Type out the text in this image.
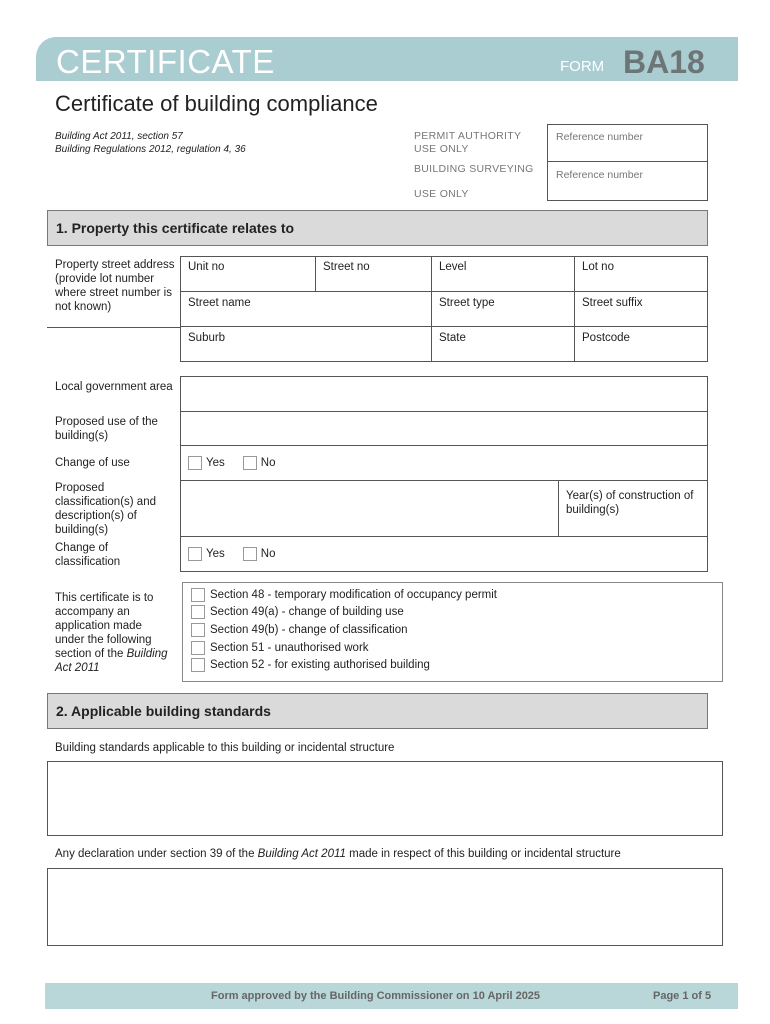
CERTIFICATE	FORM BA18
Certificate of building compliance
Building Act 2011, section 57
Building Regulations 2012, regulation 4, 36
PERMIT AUTHORITY
USE ONLY
BUILDING SURVEYING
USE ONLY
Reference number
Reference number
1. Property this certificate relates to
Property street address (provide lot number where street number is not known)
Unit no	Street no	Level	Lot no
Street name	Street type	Street suffix
Suburb	State	Postcode
Local government area
Proposed use of the building(s)
Change of use	Yes	No
Proposed classification(s) and description(s) of building(s)
Year(s) of construction of building(s)
Change of classification
Yes	No
This certificate is to accompany an application made under the following section of the Building Act 2011
Section 48 - temporary modification of occupancy permit
Section 49(a) - change of building use
Section 49(b) - change of classification
Section 51 - unauthorised work
Section 52 - for existing authorised building
2. Applicable building standards
Building standards applicable to this building or incidental structure
Any declaration under section 39 of the Building Act 2011 made in respect of this building or incidental structure
Form approved by the Building Commissioner on 10 April 2025	Page 1 of 5
